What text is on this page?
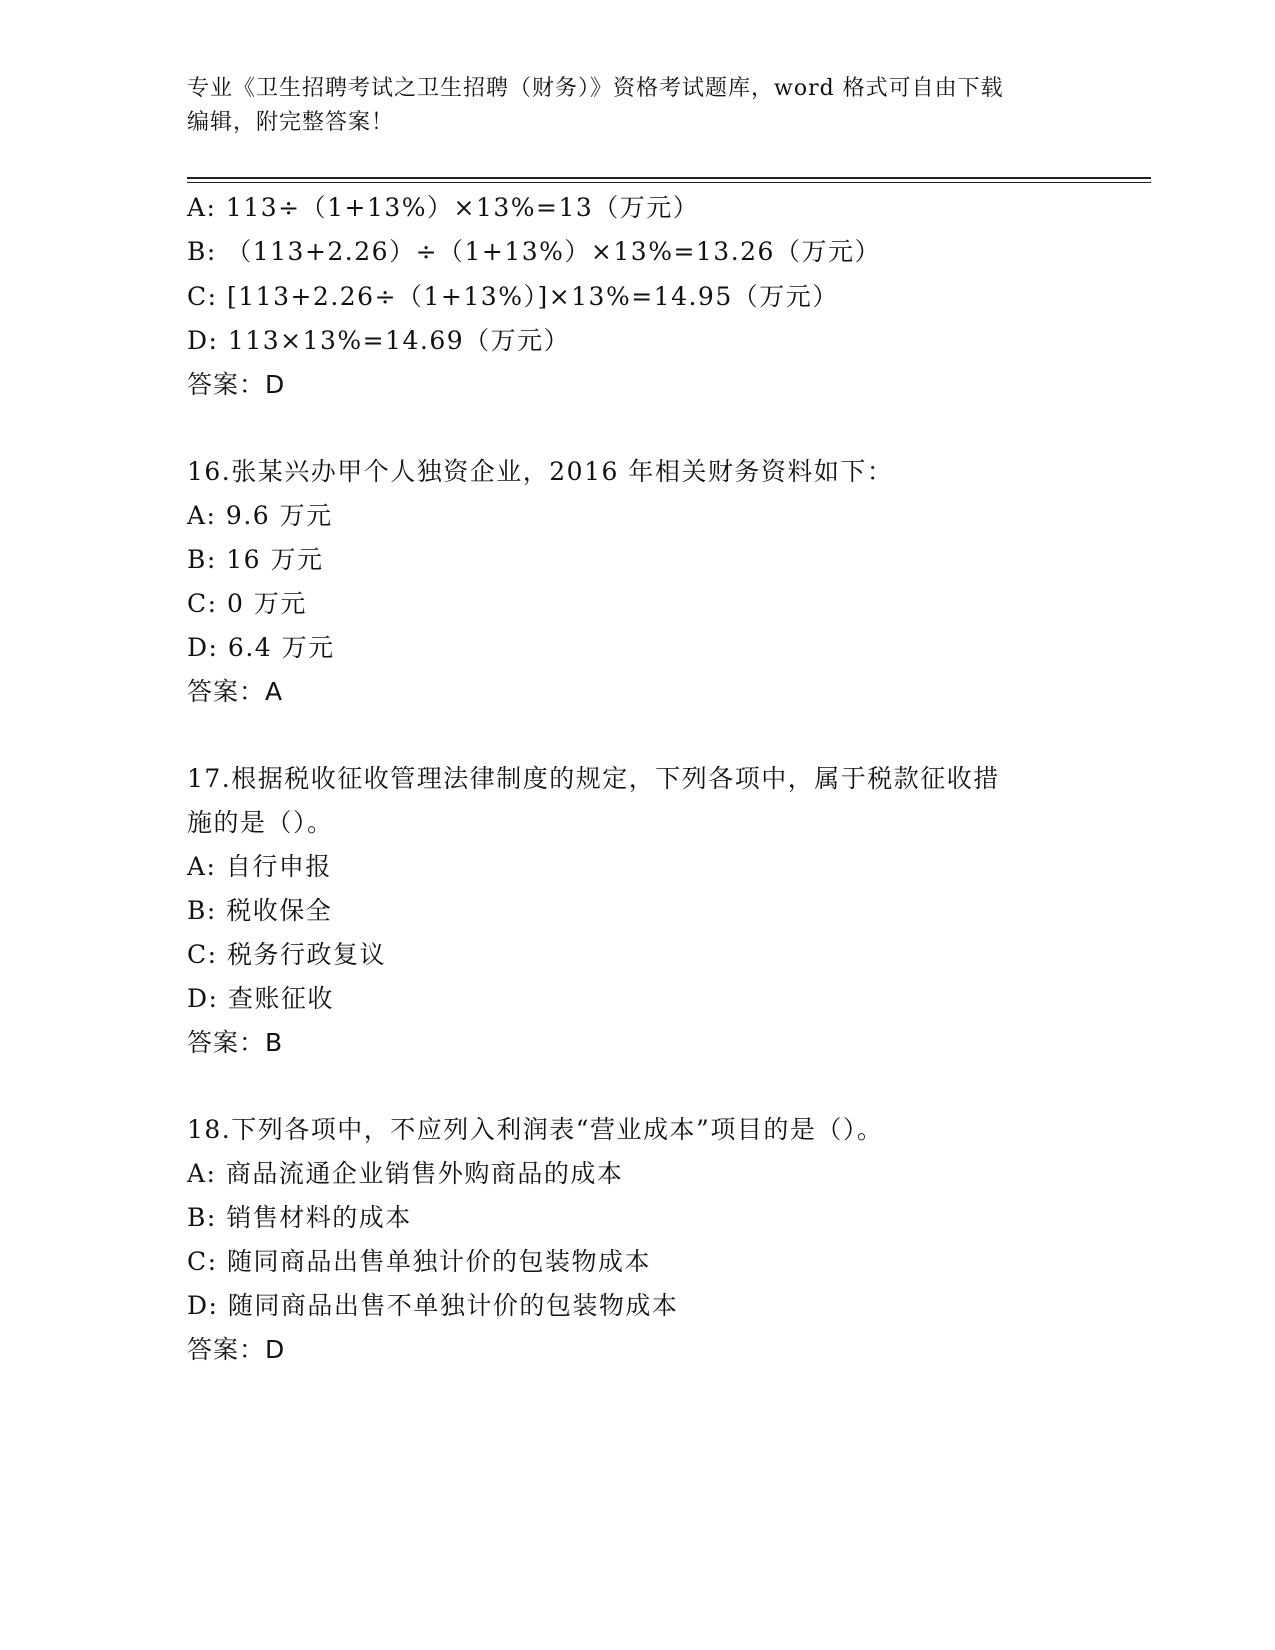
专业《卫生招聘考试之卫生招聘（财务）》资格考试题库，word 格式可自由下载
编辑，附完整答案！
A: 113÷（1+13%）×13%=13（万元）
B: （113+2.26）÷（1+13%）×13%=13.26（万元）
C: [113+2.26÷（1+13%）]×13%=14.95（万元）
D: 113×13%=14.69（万元）
答案：D
16.张某兴办甲个人独资企业，2016 年相关财务资料如下：
A: 9.6 万元
B: 16 万元
C: 0 万元
D: 6.4 万元
答案：A
17.根据税收征收管理法律制度的规定，下列各项中，属于税款征收措
施的是（）。
A: 自行申报
B: 税收保全
C: 税务行政复议
D: 查账征收
答案：B
18.下列各项中，不应列入利润表“营业成本”项目的是（）。
A: 商品流通企业销售外购商品的成本
B: 销售材料的成本
C: 随同商品出售单独计价的包装物成本
D: 随同商品出售不单独计价的包装物成本
答案：D
